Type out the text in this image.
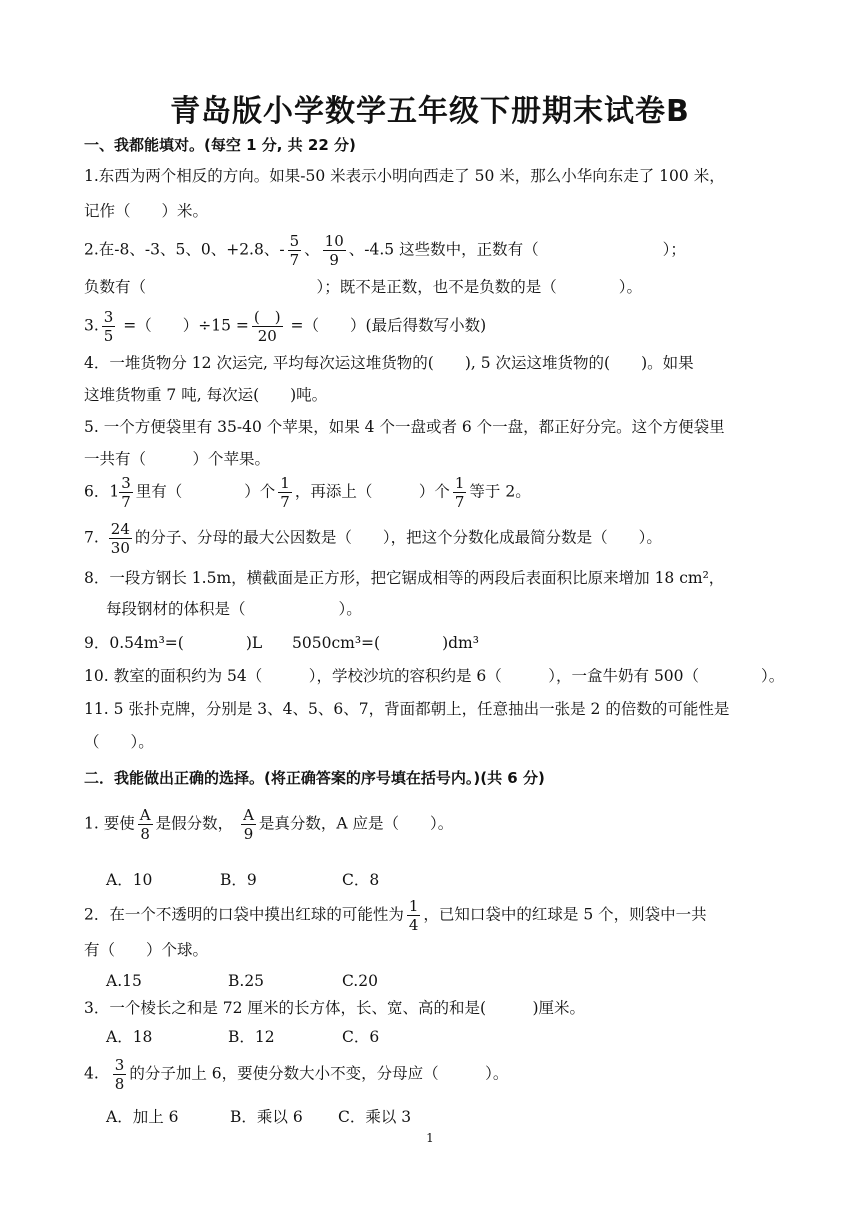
青岛版小学数学五年级下册期末试卷B
一、我都能填对。(每空 1 分, 共 22 分)
1.东西为两个相反的方向。如果-50 米表示小明向西走了 50 米，那么小华向东走了 100 米，
记作（　　）米。
2.在-8、-3、5、0、+2.8、- $\frac{5}{7}$ 、 $\frac{10}{9}$ 、-4.5 这些数中，正数有（　　　　　　　　）；
负数有（　　　　　　　　　　　）；既不是正数，也不是负数的是（　　　　）。
3. $\frac{3}{5}$ =（　　）$\div 15 = \frac{( )}{20}$ =（　　）(最后得数写小数)
4．一堆货物分 12 次运完, 平均每次运这堆货物的(　　), 5 次运这堆货物的(　　)。如果
这堆货物重 7 吨, 每次运(　　)吨。
5. 一个方便袋里有 35-40 个苹果，如果 4 个一盘或者 6 个一盘，都正好分完。这个方便袋里
一共有（　　　）个苹果。
6．$1 \frac{3}{7}$ 里有（　　　　）个 $\frac{1}{7}$ ，再添上（　　　）个 $\frac{1}{7}$ 等于 2。
7. $\frac{24}{30}$ 的分子、分母的最大公因数是（　　），把这个分数化成最简分数是（　　）。
8．一段方钢长 1.5m，横截面是正方形，把它锯成相等的两段后表面积比原来增加 18 cm²，
每段钢材的体积是（　　　　　　）。
9．0.54m³=(　　　　)L 5050cm³=(　　　　)dm³
10. 教室的面积约为 54（　　　），学校沙坑的容积约是 6（　　　），一盒牛奶有 500（　　　　）。
11. 5 张扑克牌，分别是 3、4、5、6、7，背面都朝上，任意抽出一张是 2 的倍数的可能性是
（　　）。
二．我能做出正确的选择。(将正确答案的序号填在括号内。)(共 6 分)
1. 要使 $\frac{A}{8}$ 是假分数， $\frac{A}{9}$ 是真分数，A 应是（　　）。
A．10	B．9	C．8
2．在一个不透明的口袋中摸出红球的可能性为 $\frac{1}{4}$ ，已知口袋中的红球是 5 个，则袋中一共
有（　　）个球。
A.15	B.25	C.20
3．一个棱长之和是 72 厘米的长方体，长、宽、高的和是(　　　)厘米。
A．18	B．12	C．6
4. $\frac{3}{8}$ 的分子加上 6，要使分数大小不变，分母应（　　　）。
A．加上 6	B．乘以 6 C．乘以 3
1
